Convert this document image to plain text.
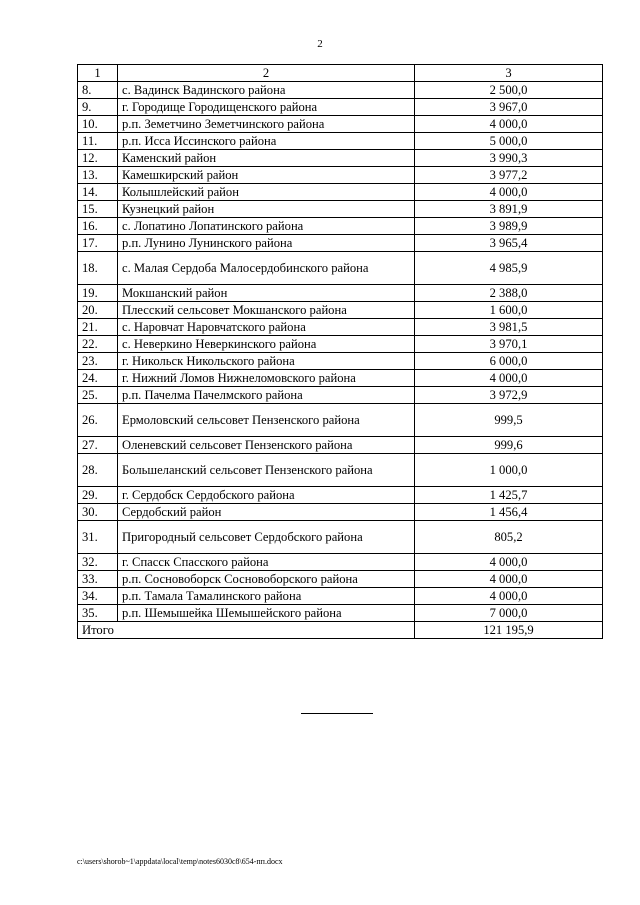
2
1	2	3
8.	с. Вадинск Вадинского района	2 500,0
9.	г. Городище Городищенского района	3 967,0
10.	р.п. Земетчино Земетчинского района	4 000,0
11.	р.п. Исса Иссинского района	5 000,0
12.	Каменский район	3 990,3
13.	Камешкирский район	3 977,2
14.	Колышлейский район	4 000,0
15.	Кузнецкий район	3 891,9
16.	с. Лопатино Лопатинского района	3 989,9
17.	р.п. Лунино Лунинского района	3 965,4
18.	с. Малая Сердоба Малосердобинского района	4 985,9
19.	Мокшанский район	2 388,0
20.	Плесский сельсовет Мокшанского района	1 600,0
21.	с. Наровчат Наровчатского района	3 981,5
22.	с. Неверкино Неверкинского района	3 970,1
23.	г. Никольск Никольского района	6 000,0
24.	г. Нижний Ломов Нижнеломовского района	4 000,0
25.	р.п. Пачелма Пачелмского района	3 972,9
26.	Ермоловский сельсовет Пензенского района	999,5
27.	Оленевский сельсовет Пензенского района	999,6
28.	Большеланский сельсовет Пензенского района	1 000,0
29.	г. Сердобск Сердобского района	1 425,7
30.	Сердобский район	1 456,4
31.	Пригородный сельсовет Сердобского района	805,2
32.	г. Спасск Спасского района	4 000,0
33.	р.п. Сосновоборск Сосновоборского района	4 000,0
34.	р.п. Тамала Тамалинского района	4 000,0
35.	р.п. Шемышейка Шемышейского района	7 000,0
Итого		121 195,9
c:\users\shorob~1\appdata\local\temp\notes6030c8\654-пп.docx
